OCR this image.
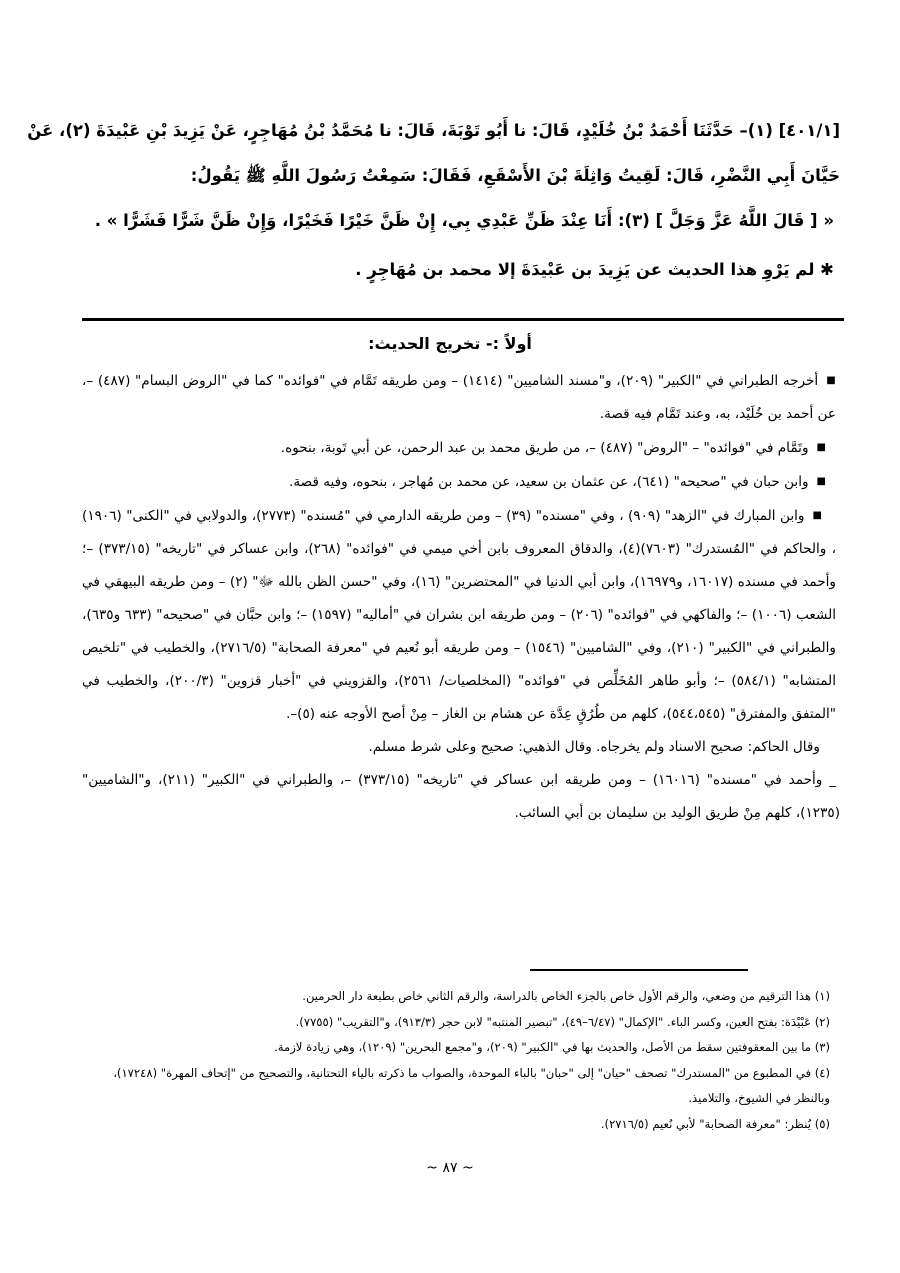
[٤٠١/١] (١)– حَدَّثَنَا أَحْمَدُ بْنُ خُلَيْدٍ، قَالَ: نا أَبُو تَوْبَةَ، قَالَ: نا مُحَمَّدُ بْنُ مُهَاجِرٍ، عَنْ يَزِيدَ بْنِ عَبْيدَةَ (٢)، عَنْ
حَيَّانَ أَبِي النَّضْرِ، قَالَ: لَقِيتُ وَاثِلَةَ بْنَ الأَسْقَعِ، فَقَالَ: سَمِعْتُ رَسُولَ اللَّهِ ﷺ يَقُولُ:
« [ قَالَ اللَّهُ عَزَّ وَجَلَّ ] (٣): أَنَا عِنْدَ ظَنِّ عَبْدِي بِي، إِنْ ظَنَّ خَيْرًا فَخَيْرًا، وَإِنْ ظَنَّ شَرًّا فَشَرًّا » .
✱ لم يَرْوِ هذا الحديث عن يَزِيدَ بن عَبْيدَةَ إلا محمد بن مُهَاجِرٍ .
أولاً :- تخريج الحديث:

■أخرجه الطبراني في "الكبير" (٢٠٩)، و"مسند الشاميين" (١٤١٤) – ومن طريقه تَمَّام في "فوائده" كما في "الروض البسام" (٤٨٧) –، عن أحمد بن خُلَيْد، به، وعند تَمَّام فيه قصة.

■وتَمَّام في "فوائده" – "الروض" (٤٨٧) –، من طريق محمد بن عبد الرحمن، عن أبي تَوبة، بنحوه.

■وابن حبان في "صحيحه" (٦٤١)، عن عثمان بن سعيد، عن محمد بن مُهاجر ، بنحوه، وفيه قصة.

■وابن المبارك في "الزهد" (٩٠٩) ، وفي "مسنده" (٣٩) – ومن طريقه الدارمي في "مُسنده" (٢٧٧٣)، والدولابي في "الكنى" (١٩٠٦) ، والحاكم في "المُستدرك" (٧٦٠٣)(٤)، والدقاق المعروف بابن أخي ميمي في "فوائده" (٢٦٨)، وابن عساكر في "تاريخه" (٣٧٣/١٥) –؛ وأحمد في مسنده (١٦٠١٧، و١٦٩٧٩)، وابن أبي الدنيا في "المحتضرين" (١٦)، وفي "حسن الظن بالله ﷻ" (٢) – ومن طريقه البيهقي في الشعب (١٠٠٦) –؛ والفاكهي في "فوائده" (٢٠٦) – ومن طريقه ابن بشران في "أماليه" (١٥٩٧) –؛ وابن حبَّان في "صحيحه" (٦٣٣ و٦٣٥)، والطبراني في "الكبير" (٢١٠)، وفي "الشاميين" (١٥٤٦) – ومن طريقه أبو نُعيم في "معرفة الصحابة" (٢٧١٦/٥)، والخطيب في "تلخيص المتشابه" (٥٨٤/١) –؛ وأبو طاهر المُخَلِّص في "فوائده" (المخلصيات/ ٢٥٦١)، والقزويني في "أخبار قزوين" (٢٠٠/٣)، والخطيب في "المتفق والمفترق" (٥٤٤،٥٤٥)، كلهم من طُرُقٍ عِدَّة عن هشام بن الغاز – مِنْ أصح الأوجه عنه (٥)–.

وقال الحاكم: صحيح الاسناد ولم يخرجاه. وقال الذهبي: صحيح وعلى شرط مسلم.

_ وأحمد في "مسنده" (١٦٠١٦) – ومن طريقه ابن عساكر في "تاريخه" (٣٧٣/١٥) –، والطبراني في "الكبير" (٢١١)، و"الشاميين" (١٢٣٥)، كلهم مِنْ طريق الوليد بن سليمان بن أبي السائب.

(١) هذا الترقيم من وضعي، والرقم الأول خاص بالجزء الخاص بالدراسة، والرقم الثاني خاص بطبعة دار الحرمين.

(٢) عَبْيْدَة: بفتح العين، وكسر الباء. "الإكمال" (٦/٤٧–٤٩)، "تبصير المنتبه" لابن حجر (٩١٣/٣)، و"التقريب" (٧٧٥٥).

(٣) ما بين المعقوفتين سقط من الأصل، والحديث بها في "الكبير" (٢٠٩)، و"مجمع البحرين" (١٢٠٩)، وهي زيادة لازمة.

(٤) في المطبوع من "المستدرك" تصحف "حيان" إلى "حبان" بالباء الموحدة، والصواب ما ذكرته بالياء التحتانية، والتصحيح من "إتحاف المهرة" (١٧٢٤٨)، وبالنظر في الشيوخ، والتلاميذ.

(٥) يُنظر: "معرفة الصحابة" لأبي نُعيم (٢٧١٦/٥).

~ ٨٧ ~
